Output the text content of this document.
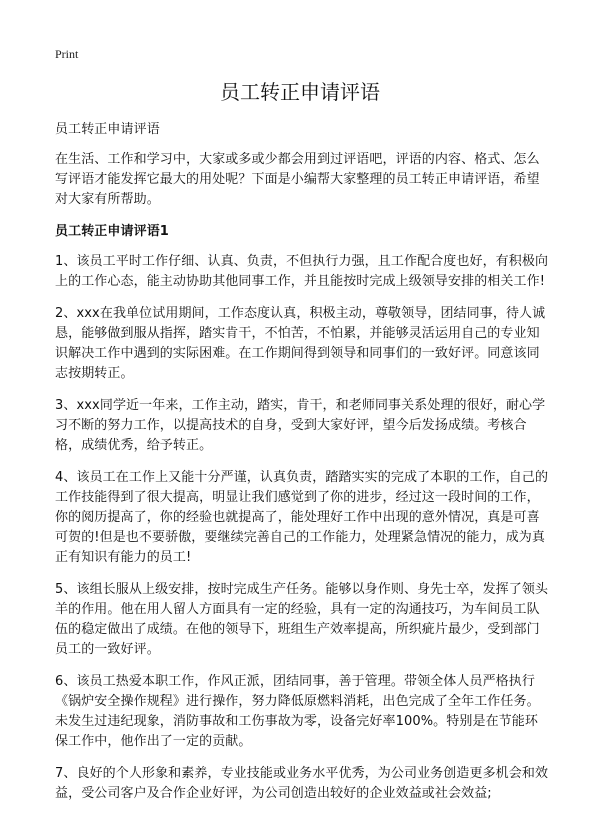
Print
员工转正申请评语

员工转正申请评语

在生活、工作和学习中，大家或多或少都会用到过评语吧，评语的内容、格式、怎么写评语才能发挥它最大的用处呢？下面是小编帮大家整理的员工转正申请评语，希望对大家有所帮助。

员工转正申请评语1

1、该员工平时工作仔细、认真、负责，不但执行力强，且工作配合度也好，有积极向上的工作心态，能主动协助其他同事工作，并且能按时完成上级领导安排的相关工作!

2、xxx在我单位试用期间，工作态度认真，积极主动，尊敬领导，团结同事，待人诚恳，能够做到服从指挥，踏实肯干，不怕苦，不怕累，并能够灵活运用自己的专业知识解决工作中遇到的实际困难。在工作期间得到领导和同事们的一致好评。同意该同志按期转正。

3、xxx同学近一年来，工作主动，踏实，肯干，和老师同事关系处理的很好，耐心学习不断的努力工作，以提高技术的自身，受到大家好评，望今后发扬成绩。考核合格，成绩优秀，给予转正。

4、该员工在工作上又能十分严谨，认真负责，踏踏实实的完成了本职的工作，自己的工作技能得到了很大提高，明显让我们感觉到了你的进步，经过这一段时间的工作，你的阅历提高了，你的经验也就提高了，能处理好工作中出现的意外情况，真是可喜可贺的!但是也不要骄傲，要继续完善自己的工作能力，处理紧急情况的能力，成为真正有知识有能力的员工!

5、该组长服从上级安排，按时完成生产任务。能够以身作则、身先士卒，发挥了领头羊的作用。他在用人留人方面具有一定的经验，具有一定的沟通技巧，为车间员工队伍的稳定做出了成绩。在他的领导下，班组生产效率提高，所织疵片最少，受到部门员工的一致好评。

6、该员工热爱本职工作，作风正派，团结同事，善于管理。带领全体人员严格执行《锅炉安全操作规程》进行操作，努力降低原燃料消耗，出色完成了全年工作任务。未发生过违纪现象，消防事故和工伤事故为零，设备完好率100%。特别是在节能环保工作中，他作出了一定的贡献。

7、良好的个人形象和素养，专业技能或业务水平优秀，为公司业务创造更多机会和效益，受公司客户及合作企业好评，为公司创造出较好的企业效益或社会效益;
